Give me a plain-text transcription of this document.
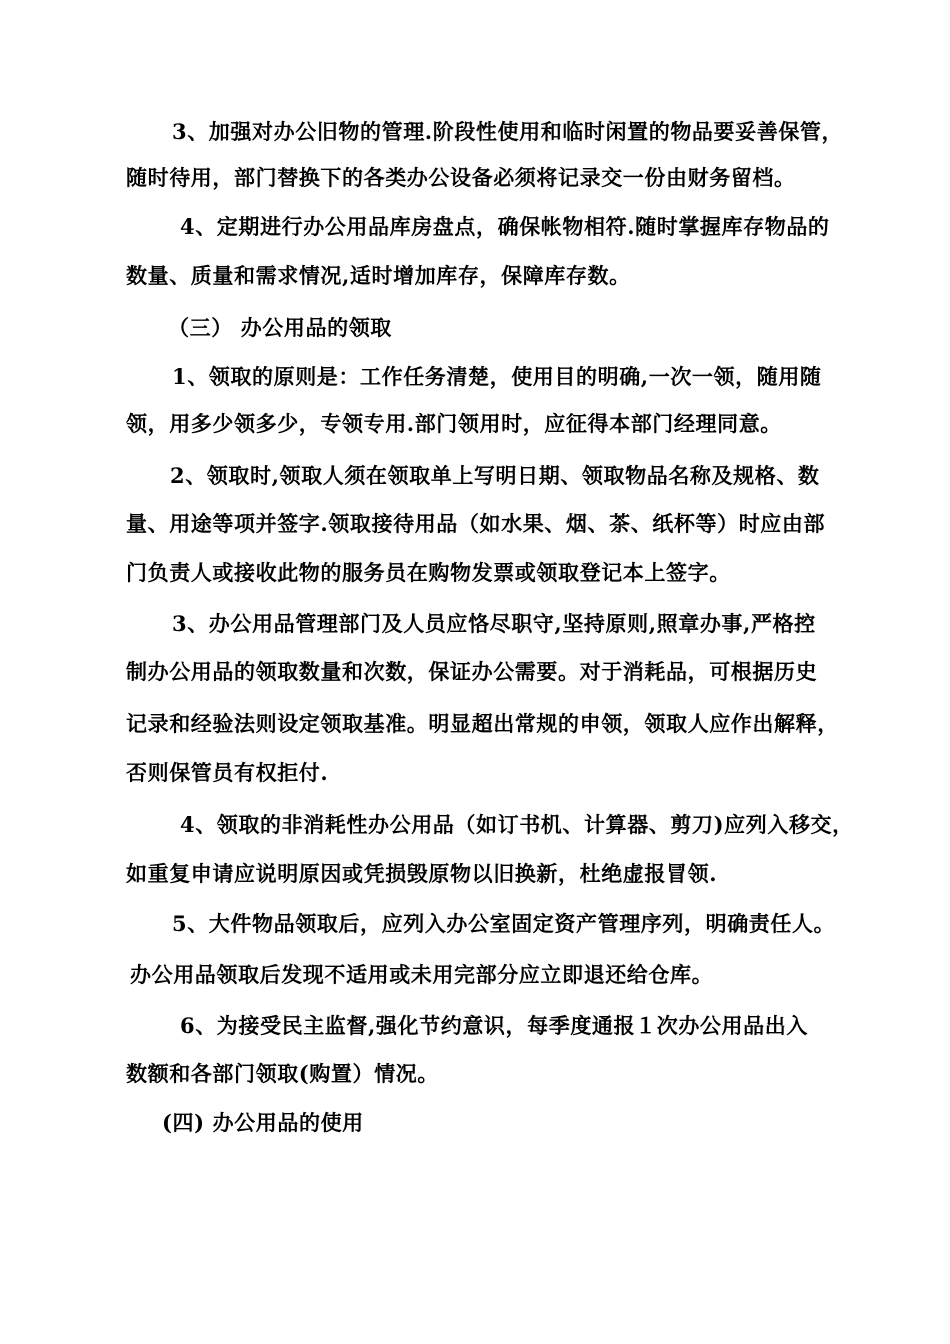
3、加强对办公旧物的管理.阶段性使用和临时闲置的物品要妥善保管，
随时待用，部门替换下的各类办公设备必须将记录交一份由财务留档。
4、定期进行办公用品库房盘点，确保帐物相符.随时掌握库存物品的
数量、质量和需求情况,适时增加库存，保障库存数。
（三） 办公用品的领取
1、领取的原则是：工作任务清楚，使用目的明确,一次一领，随用随
领，用多少领多少，专领专用.部门领用时，应征得本部门经理同意。
2、领取时,领取人须在领取单上写明日期、领取物品名称及规格、数
量、用途等项并签字.领取接待用品（如水果、烟、茶、纸杯等）时应由部
门负责人或接收此物的服务员在购物发票或领取登记本上签字。
3、办公用品管理部门及人员应恪尽职守,坚持原则,照章办事,严格控
制办公用品的领取数量和次数，保证办公需要。对于消耗品，可根据历史
记录和经验法则设定领取基准。明显超出常规的申领，领取人应作出解释，
否则保管员有权拒付.
4、领取的非消耗性办公用品（如订书机、计算器、剪刀)应列入移交，
如重复申请应说明原因或凭损毁原物以旧换新，杜绝虚报冒领.
5、大件物品领取后，应列入办公室固定资产管理序列，明确责任人。
办公用品领取后发现不适用或未用完部分应立即退还给仓库。
6、为接受民主监督,强化节约意识，每季度通报１次办公用品出入
数额和各部门领取(购置）情况。
(四) 办公用品的使用
